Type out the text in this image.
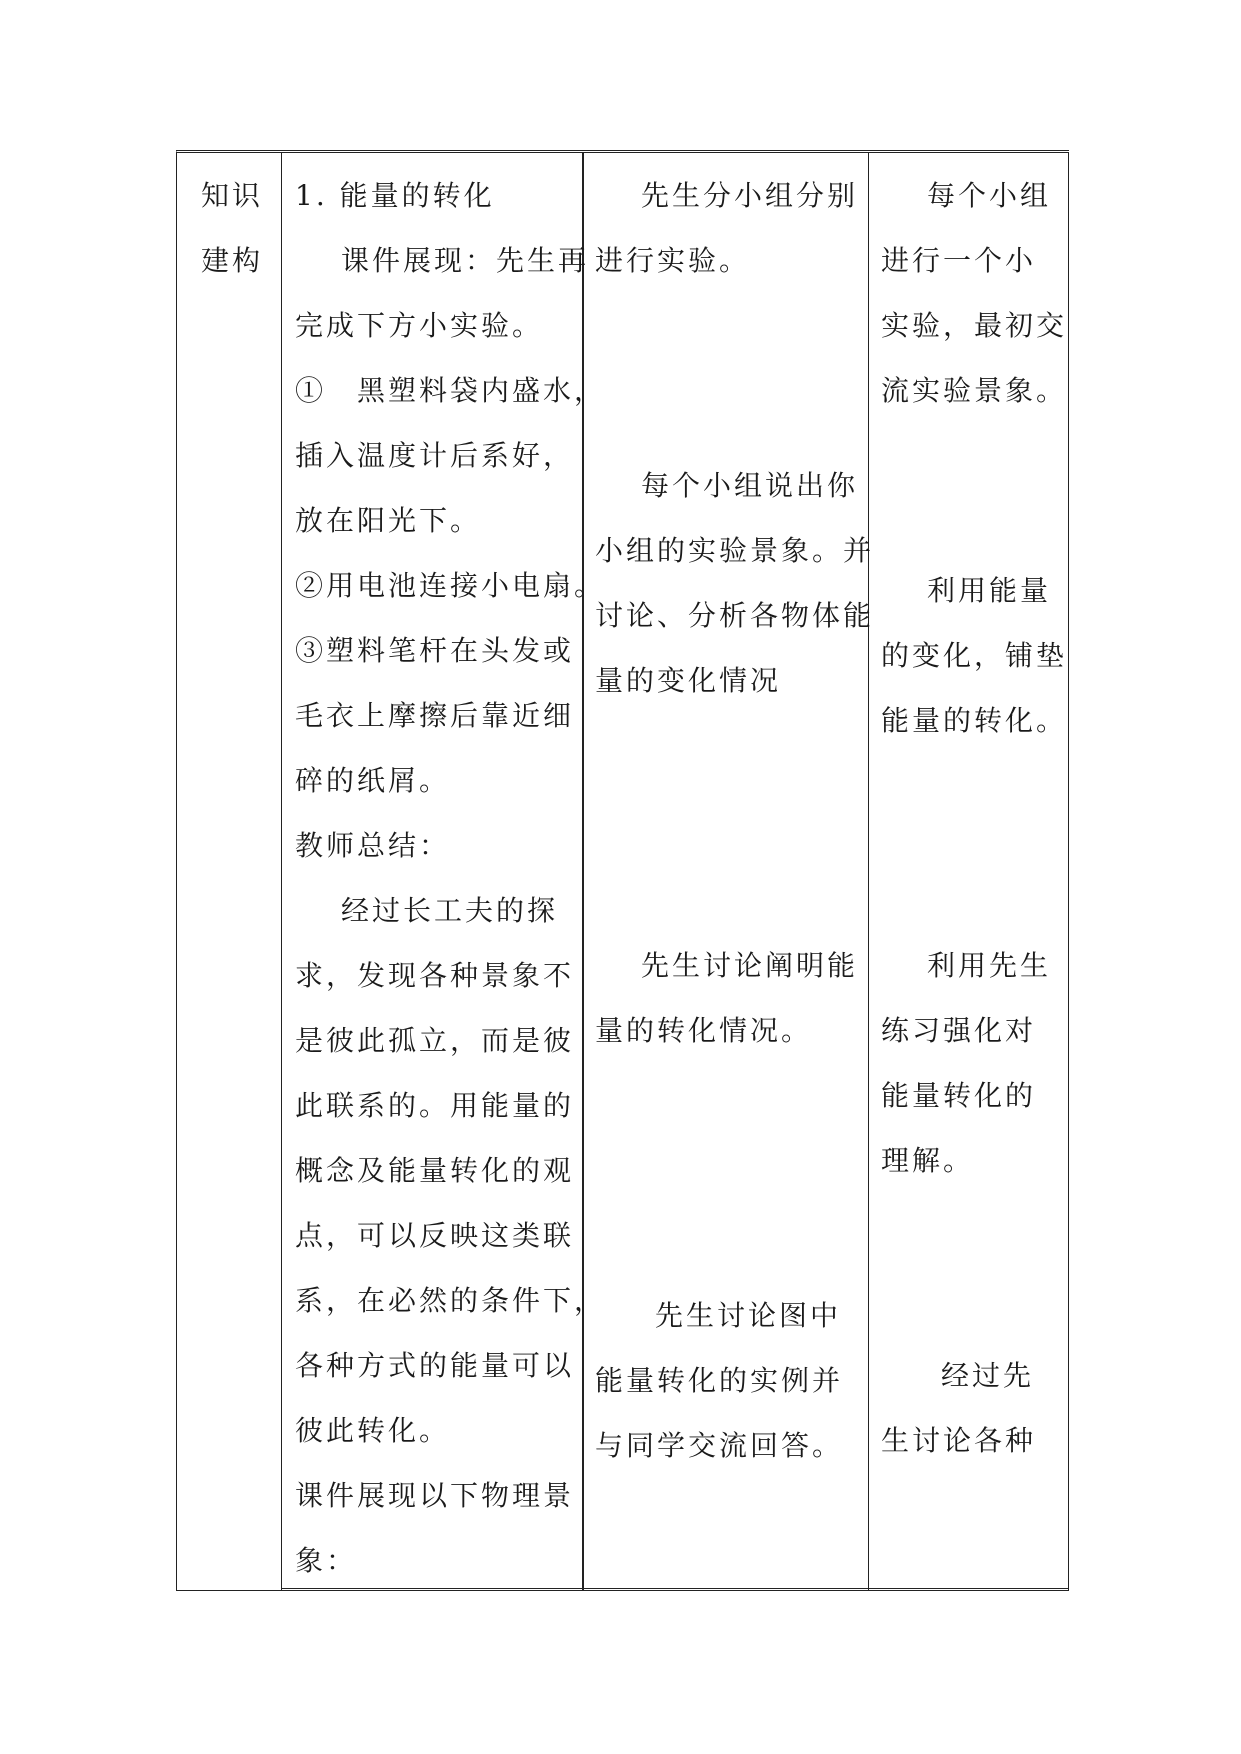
知识

建构

1. 能量的转化

课件展现：先生再

完成下方小实验。

①　黑塑料袋内盛水，

插入温度计后系好，

放在阳光下。

②用电池连接小电扇。

③塑料笔杆在头发或

毛衣上摩擦后靠近细

碎的纸屑。

教师总结：

经过长工夫的探

求，发现各种景象不

是彼此孤立，而是彼

此联系的。用能量的

概念及能量转化的观

点，可以反映这类联

系，在必然的条件下，

各种方式的能量可以

彼此转化。

课件展现以下物理景

象：

先生分小组分别

进行实验。

每个小组说出你

小组的实验景象。并

讨论、分析各物体能

量的变化情况

先生讨论阐明能

量的转化情况。

先生讨论图中

能量转化的实例并

与同学交流回答。

每个小组

进行一个小

实验，最初交

流实验景象。

利用能量

的变化，铺垫

能量的转化。

利用先生

练习强化对

能量转化的

理解。

经过先

生讨论各种
